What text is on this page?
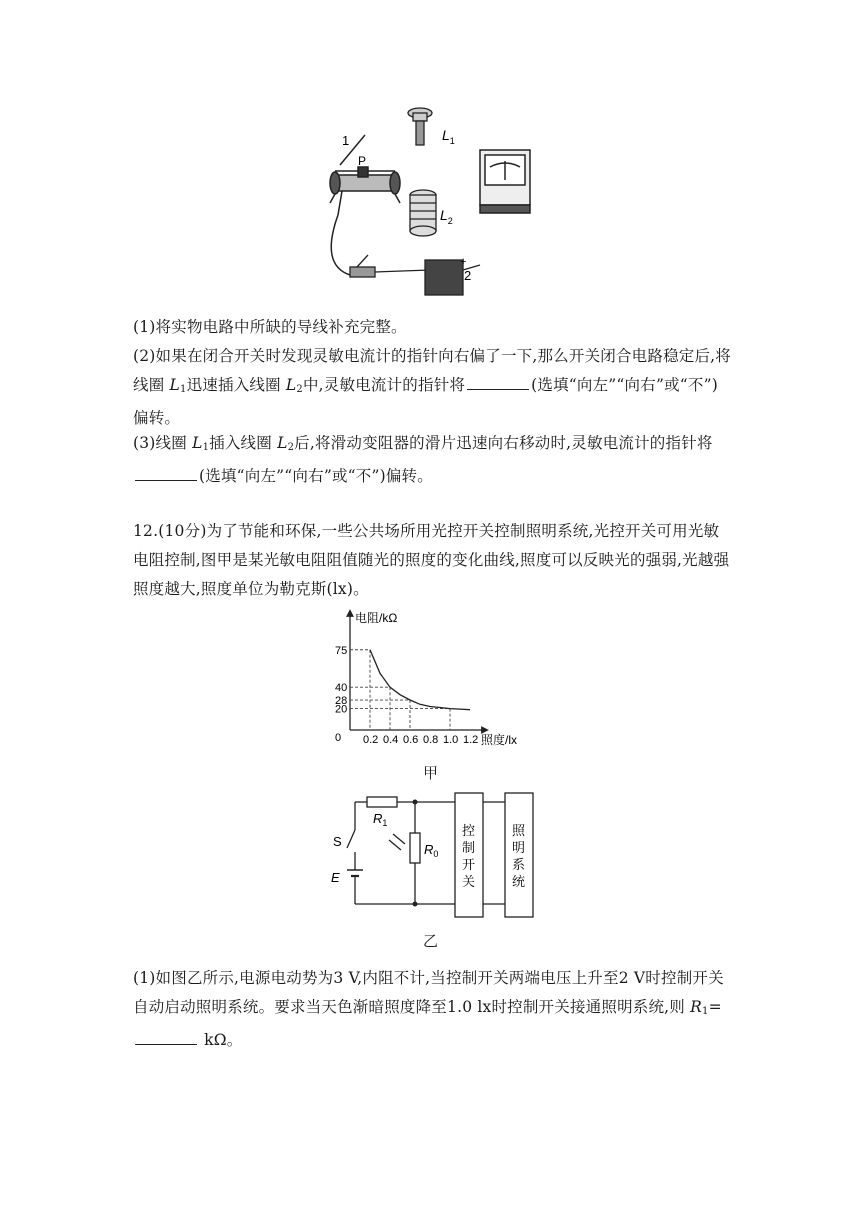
1
P
$L_1$
$L_2$
+
2
(1)将实物电路中所缺的导线补充完整。
(2)如果在闭合开关时发现灵敏电流计的指针向右偏了一下,那么开关闭合电路稳定后,将线圈 $L_1$迅速插入线圈 $L_2$中,灵敏电流计的指针将	(选填“向左”“向右”或“不”)偏转。
(3)线圈 $L_1$插入线圈 $L_2$后,将滑动变阻器的滑片迅速向右移动时,灵敏电流计的指针将(选填“向左”“向右”或“不”)偏转。
12.(10分)为了节能和环保,一些公共场所用光控开关控制照明系统,光控开关可用光敏电阻控制,图甲是某光敏电阻阻值随光的照度的变化曲线,照度可以反映光的强弱,光越强照度越大,照度单位为勒克斯(lx)。
电阻/kΩ
照度/lx
0.2 0.4 0.6 0.8 1.0 1.2
75
40
28
20
0
甲
$R_1$
$R_0$
S
E
控
制
开
关
照
明
系
统
乙
(1)如图乙所示,电源电动势为3 V,内阻不计,当控制开关两端电压上升至2 V时控制开关自动启动照明系统。要求当天色渐暗照度降至1.0 lx时控制开关接通照明系统,则 $R_1= k\Omega$。
